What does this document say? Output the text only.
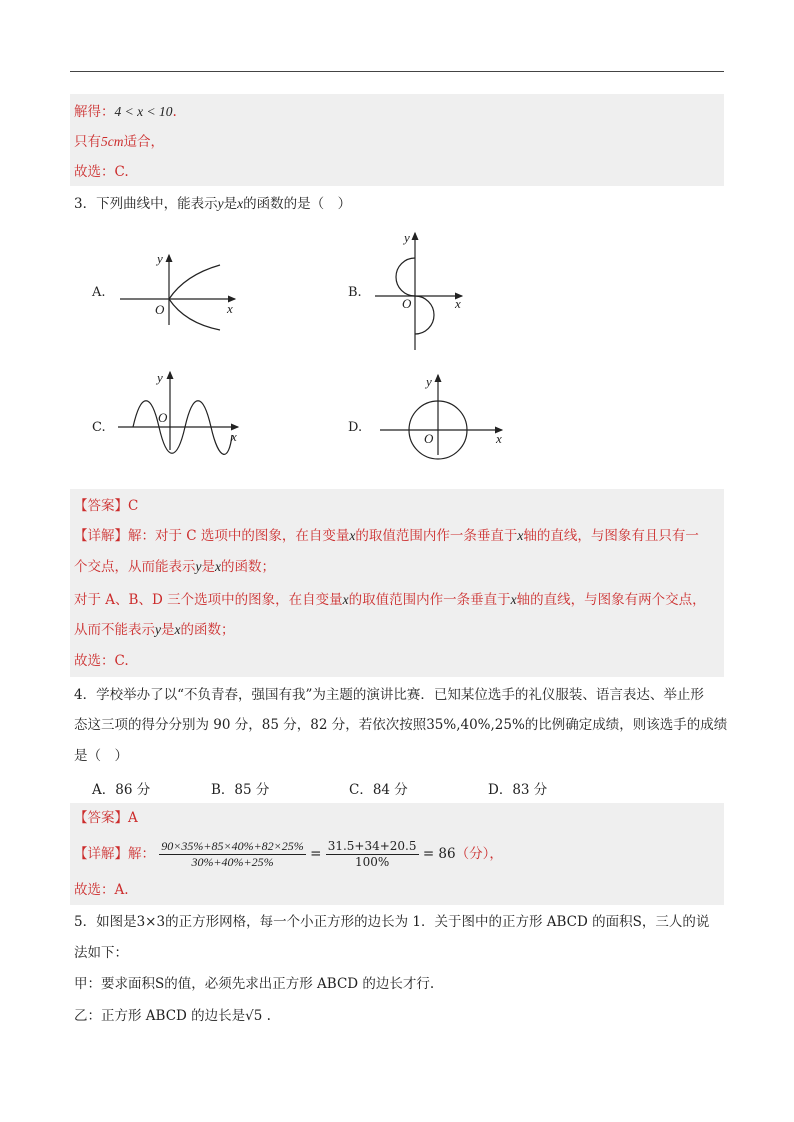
解得：4 < x < 10.
只有5cm适合，
故选：C.
3．下列曲线中，能表示y是x的函数的是（　）
A.	B.
C.	D.
y
x
O
y
x
O
y
x
O
y
x
O
【答案】C
【详解】解：对于 C 选项中的图象，在自变量x的取值范围内作一条垂直于x轴的直线，与图象有且只有一
个交点，从而能表示y是x的函数；
对于 A、B、D 三个选项中的图象，在自变量x的取值范围内作一条垂直于x轴的直线，与图象有两个交点，
从而不能表示y是x的函数；
故选：C.
4．学校举办了以“不负青春，强国有我”为主题的演讲比赛．已知某位选手的礼仪服装、语言表达、举止形
态这三项的得分分别为 90 分，85 分，82 分，若依次按照35%,40%,25%的比例确定成绩，则该选手的成绩
是（　）
A．86 分	B．85 分	C．84 分	D．83 分
【答案】A
【详解】解： $\frac{90\times 35\%+85\times 40\%+82\times 25\%}{30\%+40\%+25\%} = \frac{31.5+34+20.5}{100\%} = 86$（分），
故选：A.
5．如图是3×3的正方形网格，每一个小正方形的边长为 1．关于图中的正方形 ABCD 的面积S，三人的说
法如下：
甲：要求面积S的值，必须先求出正方形 ABCD 的边长才行.
乙：正方形 ABCD 的边长是√5 .
